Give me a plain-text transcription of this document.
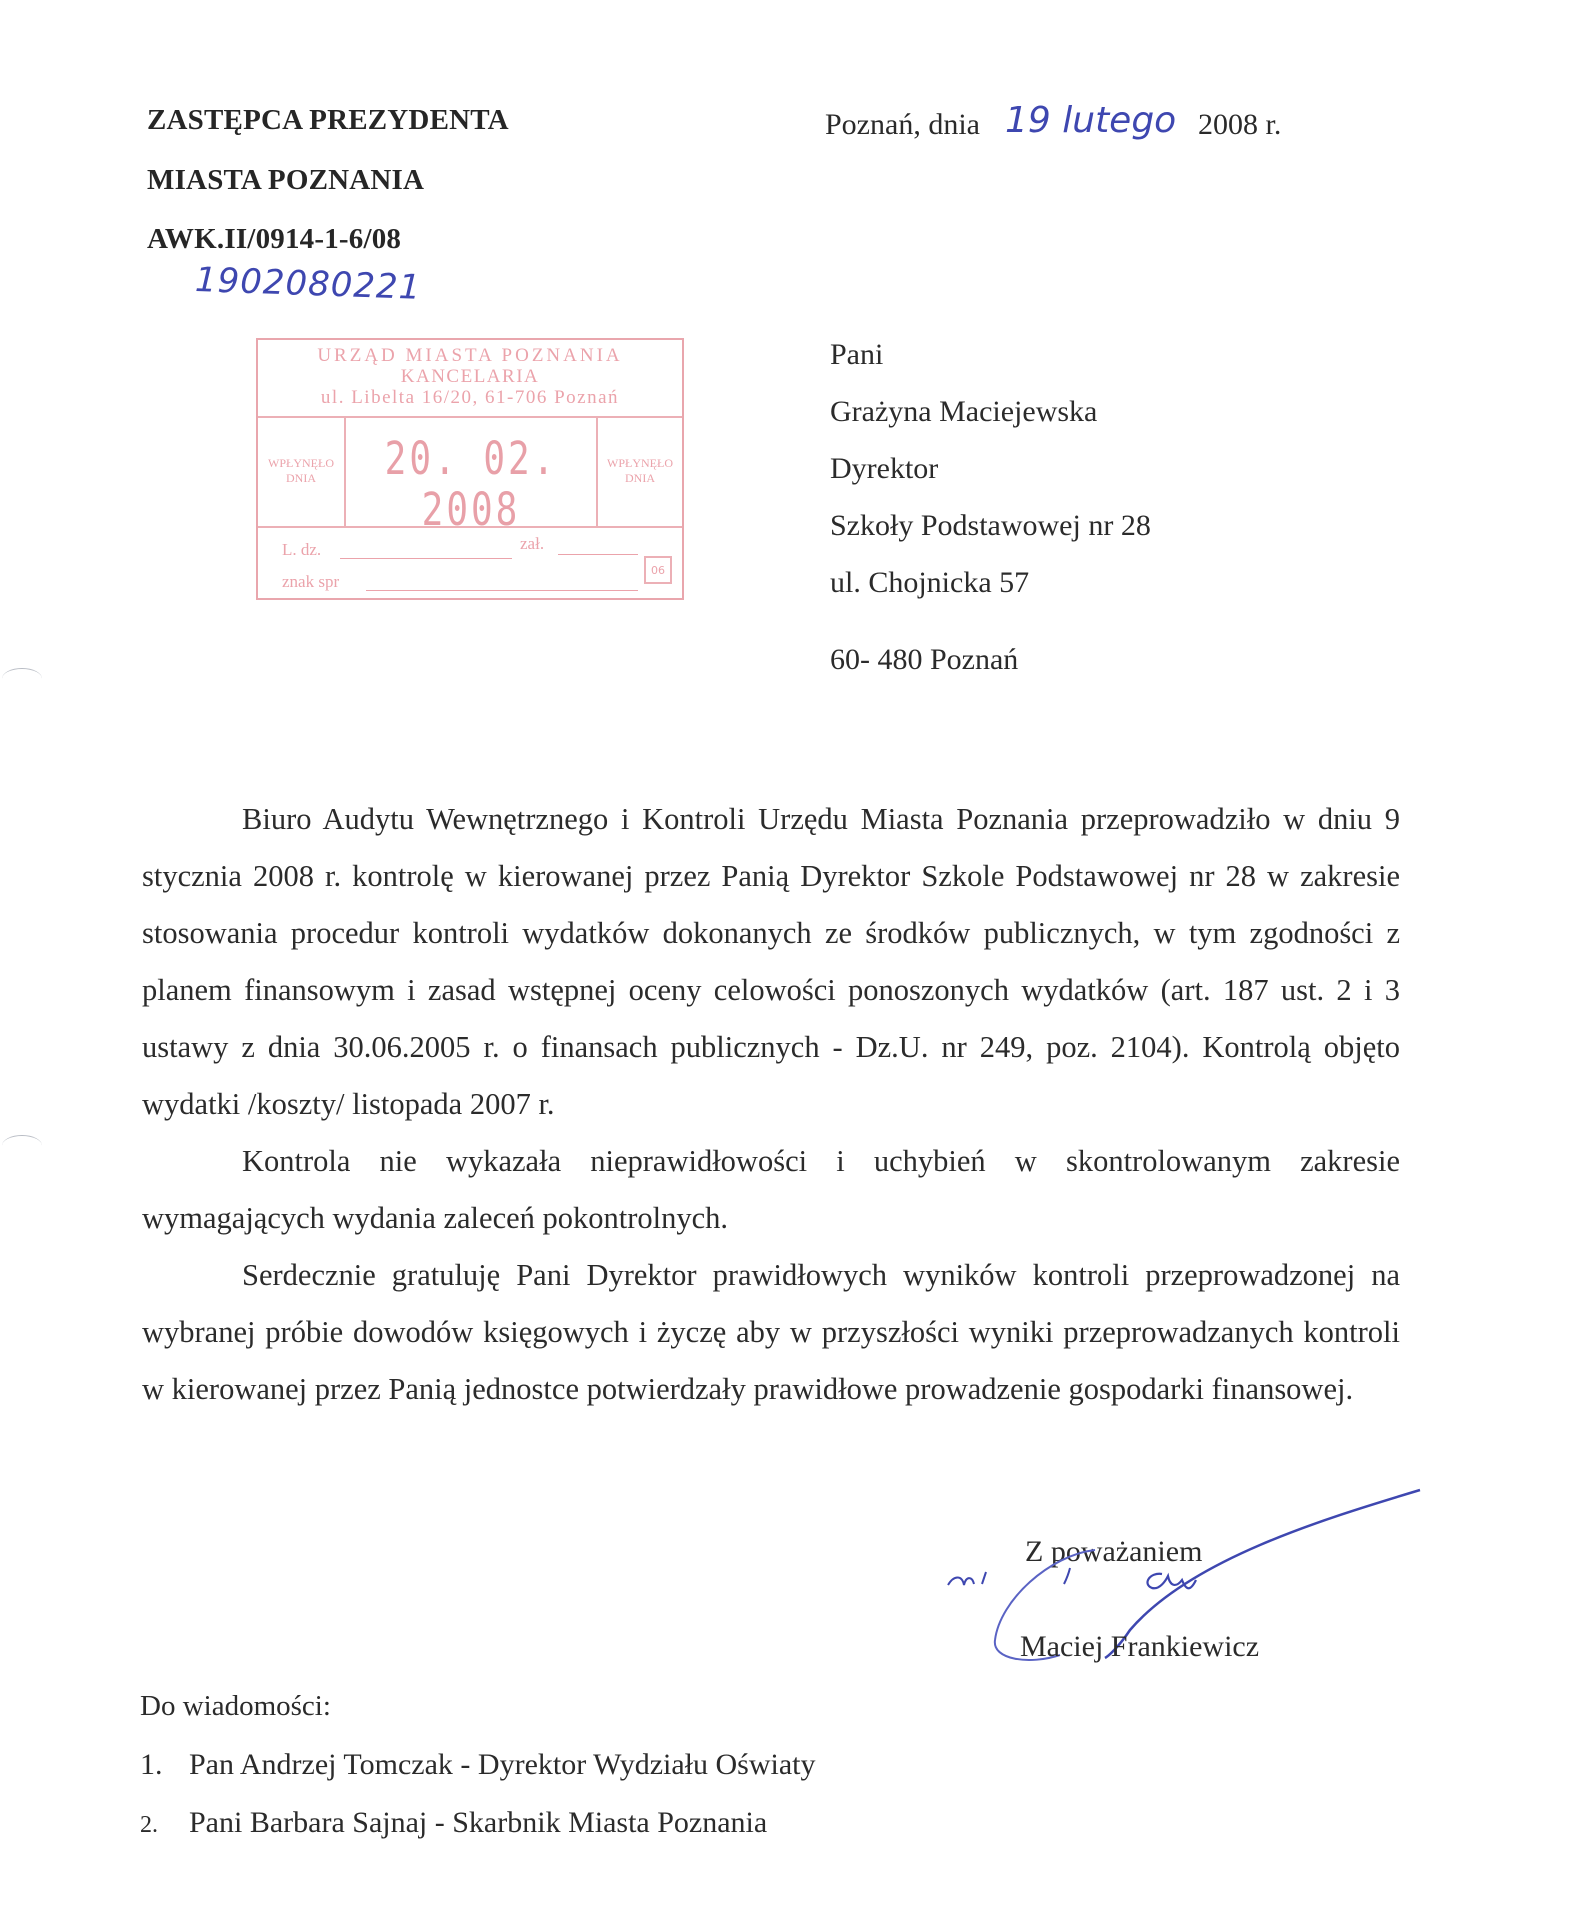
ZASTĘPCA PREZYDENTA
MIASTA POZNANIA
AWK.II/0914-1-6/08
1902080221
Poznań, dnia 19 lutego 2008 r.
URZĄD MIASTA POZNANIA
KANCELARIA
ul. Libelta 16/20, 61-706 Poznań
WPŁYNĘŁO DNIA	20. 02. 2008
WPŁYNĘŁO DNIA
L. dz.	zał.
znak spr
06
Pani
Grażyna Maciejewska
Dyrektor
Szkoły Podstawowej nr 28
ul. Chojnicka 57
60- 480 Poznań

Biuro Audytu Wewnętrznego i Kontroli Urzędu Miasta Poznania przeprowadziło w dniu 9 stycznia 2008 r. kontrolę w kierowanej przez Panią Dyrektor Szkole Podstawowej nr 28 w zakresie stosowania procedur kontroli wydatków dokonanych ze środków publicznych, w tym zgodności z planem finansowym i zasad wstępnej oceny celowości ponoszonych wydatków (art. 187 ust. 2 i 3 ustawy z dnia 30.06.2005 r. o finansach publicznych - Dz.U. nr 249, poz. 2104). Kontrolą objęto wydatki /koszty/ listopada 2007 r.

Kontrola nie wykazała nieprawidłowości i uchybień w skontrolowanym zakresie wymagających wydania zaleceń pokontrolnych.

Serdecznie gratuluję Pani Dyrektor prawidłowych wyników kontroli przeprowadzonej na wybranej próbie dowodów księgowych i życzę aby w przyszłości wyniki przeprowadzanych kontroli w kierowanej przez Panią jednostce potwierdzały prawidłowe prowadzenie gospodarki finansowej.

Z poważaniem
Maciej Frankiewicz
Do wiadomości:
1. Pan Andrzej Tomczak - Dyrektor Wydziału Oświaty
2. Pani Barbara Sajnaj - Skarbnik Miasta Poznania
